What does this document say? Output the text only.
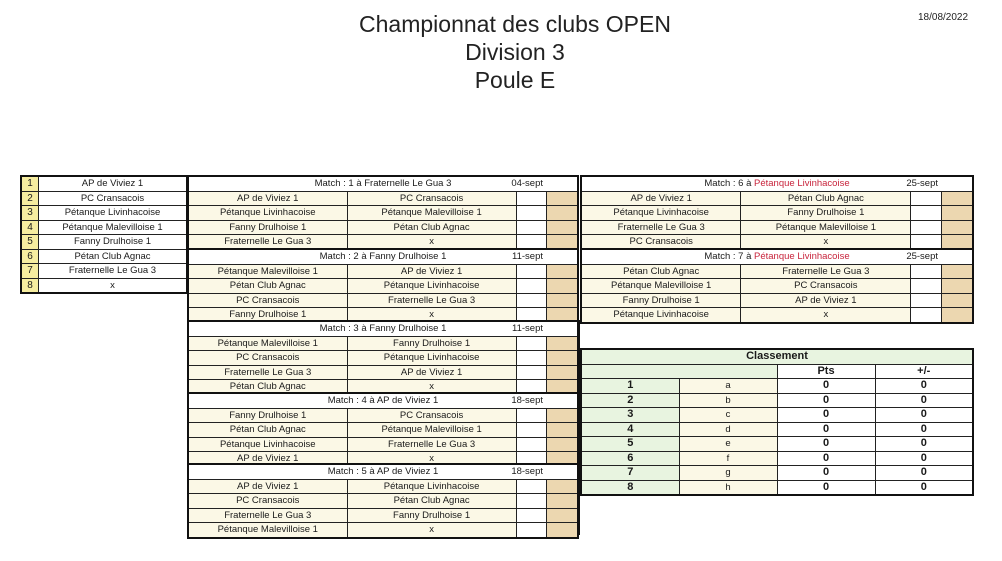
Championnat des clubs OPEN
Division 3
Poule E
18/08/2022
1	AP de Viviez 1
2	PC Cransacois
3	Pétanque Livinhacoise
4	Pétanque Malevilloise 1
5	Fanny Drulhoise 1
6	Pétan Club Agnac
7	Fraternelle Le Gua 3
8	x
Match : 1 à Fraternelle Le Gua 3 04-sept			

AP de Viviez 1	PC Cransacois		
Pétanque Livinhacoise	Pétanque Malevilloise 1		
Fanny Drulhoise 1	Pétan Club Agnac		
Fraternelle Le Gua 3	x		
Match : 2 à Fanny Drulhoise 1 11-sept			

Pétanque Malevilloise 1	AP de Viviez 1		
Pétan Club Agnac	Pétanque Livinhacoise		
PC Cransacois	Fraternelle Le Gua 3		
Fanny Drulhoise 1	x		
Match : 3 à Fanny Drulhoise 1 11-sept			

Pétanque Malevilloise 1	Fanny Drulhoise 1		
PC Cransacois	Pétanque Livinhacoise		
Fraternelle Le Gua 3	AP de Viviez 1		
Pétan Club Agnac	x		
Match : 4 à AP de Viviez 1 18-sept			

Fanny Drulhoise 1	PC Cransacois		
Pétan Club Agnac	Pétanque Malevilloise 1		
Pétanque Livinhacoise	Fraternelle Le Gua 3		
AP de Viviez 1	x		
Match : 5 à AP de Viviez 1 18-sept			

AP de Viviez 1	Pétanque Livinhacoise		
PC Cransacois	Pétan Club Agnac		
Fraternelle Le Gua 3	Fanny Drulhoise 1		
Pétanque Malevilloise 1	x		
Match : 6 à Pétanque Livinhacoise 25-sept			

AP de Viviez 1	Pétan Club Agnac		
Pétanque Livinhacoise	Fanny Drulhoise 1		
Fraternelle Le Gua 3	Pétanque Malevilloise 1		
PC Cransacois	x		
Match : 7 à Pétanque Livinhacoise 25-sept			

Pétan Club Agnac	Fraternelle Le Gua 3		
Pétanque Malevilloise 1	PC Cransacois		
Fanny Drulhoise 1	AP de Viviez 1		
Pétanque Livinhacoise	x		
Classement			
		Pts	+/-
1	a	0	0
2	b	0	0
3	c	0	0
4	d	0	0
5	e	0	0
6	f	0	0
7	g	0	0
8	h	0	0
